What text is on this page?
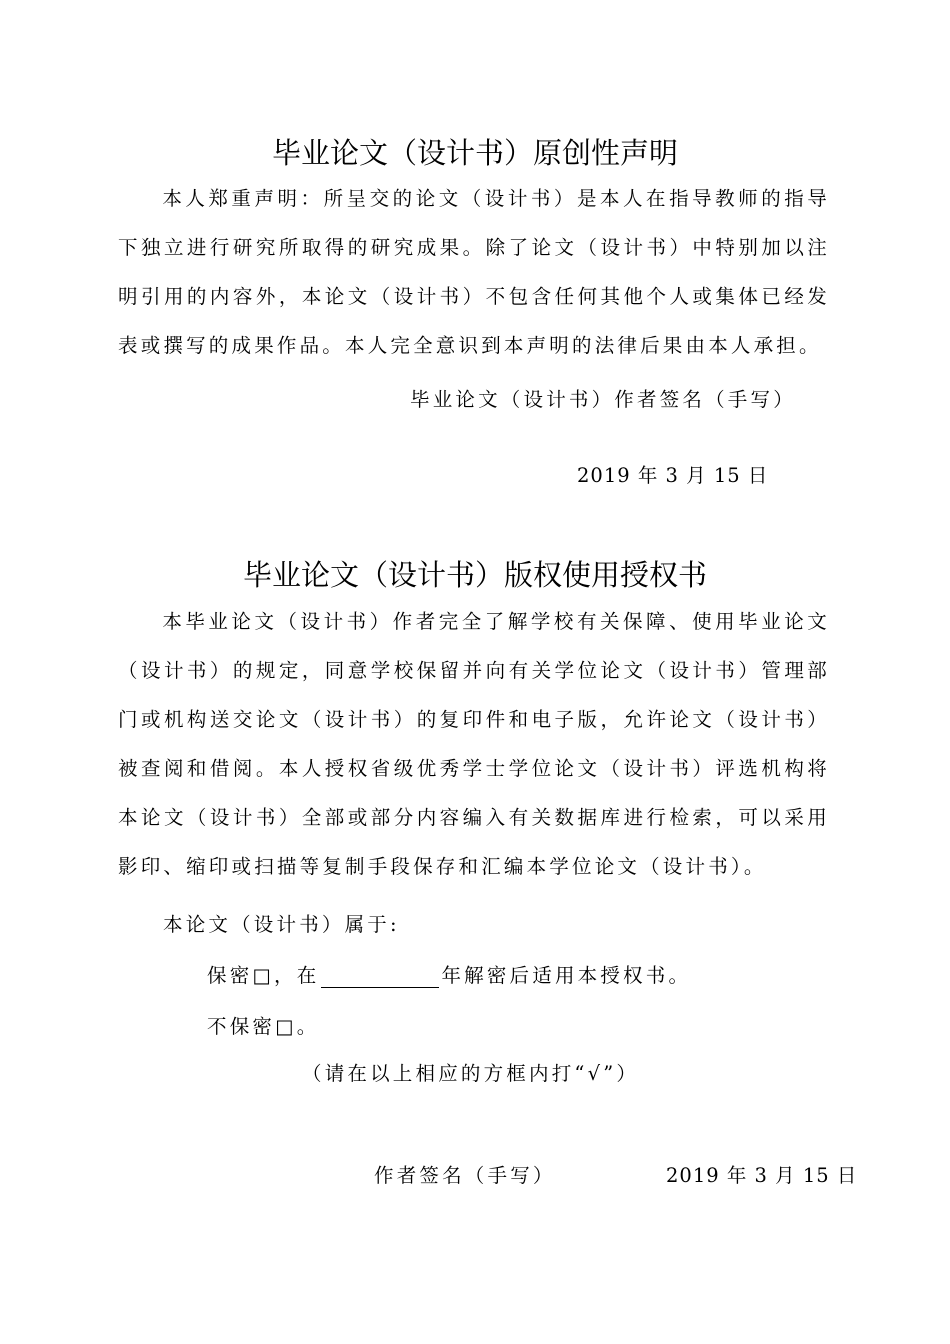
毕业论文（设计书）原创性声明

本人郑重声明：所呈交的论文（设计书）是本人在指导教师的指导下独立进行研究所取得的研究成果。除了论文（设计书）中特别加以注明引用的内容外，本论文（设计书）不包含任何其他个人或集体已经发表或撰写的成果作品。本人完全意识到本声明的法律后果由本人承担。

毕业论文（设计书）作者签名（手写）

2019 年 3 月 15 日

毕业论文（设计书）版权使用授权书

本毕业论文（设计书）作者完全了解学校有关保障、使用毕业论文（设计书）的规定，同意学校保留并向有关学位论文（设计书）管理部门或机构送交论文（设计书）的复印件和电子版，允许论文（设计书）被查阅和借阅。本人授权省级优秀学士学位论文（设计书）评选机构将本论文（设计书）全部或部分内容编入有关数据库进行检索，可以采用影印、缩印或扫描等复制手段保存和汇编本学位论文（设计书）。

本论文（设计书）属于:

保密□，在	年解密后适用本授权书。

不保密□。

（请在以上相应的方框内打“√”）

作者签名（手写）	2019 年 3 月 15 日
